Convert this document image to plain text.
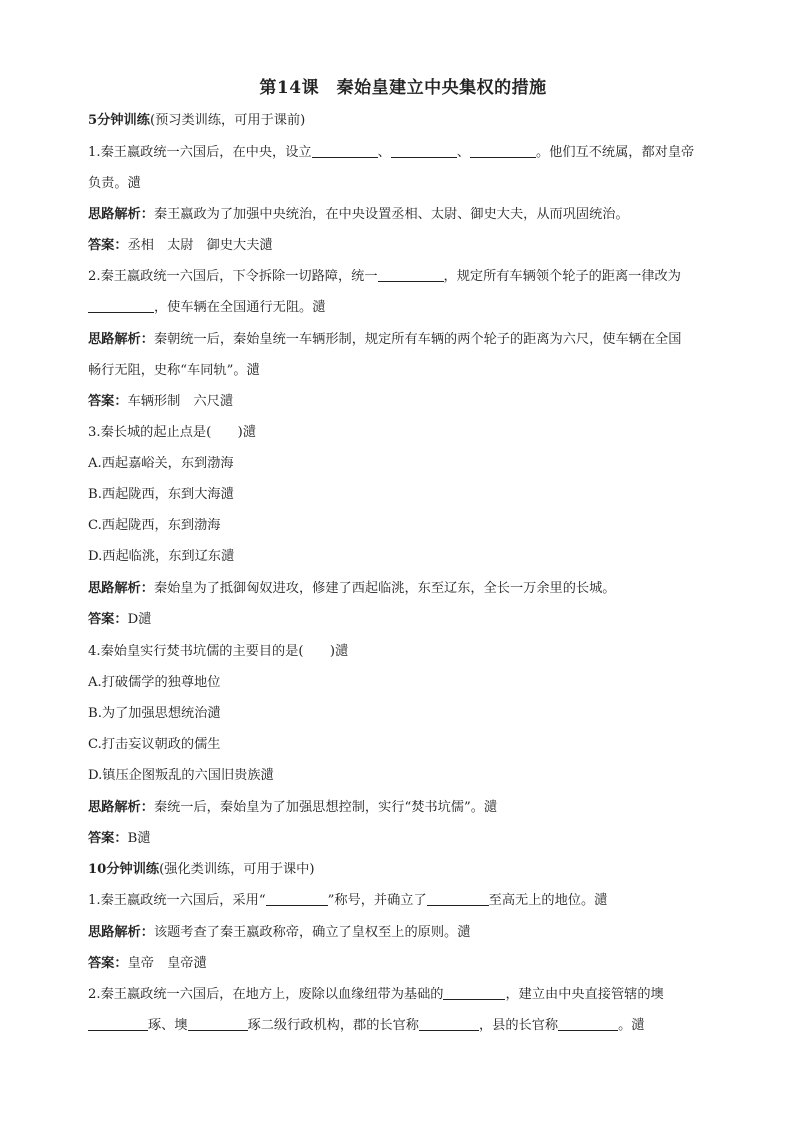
第14课　秦始皇建立中央集权的措施
5分钟训练(预习类训练，可用于课前)
1.秦王嬴政统一六国后，在中央，设立	、	、	。他们互不统属，都对皇帝
负责。瀢
思路解析：秦王嬴政为了加强中央统治，在中央设置丞相、太尉、御史大夫，从而巩固统治。
答案：丞相　太尉　御史大夫瀢
2.秦王嬴政统一六国后，下令拆除一切路障，统一	，规定所有车辆领个轮子的距离一律改为
，使车辆在全国通行无阻。瀢
思路解析：秦朝统一后，秦始皇统一车辆形制，规定所有车辆的两个轮子的距离为六尺，使车辆在全国
畅行无阻，史称“车同轨”。瀢
答案：车辆形制　六尺瀢
3.秦长城的起止点是(　　)瀢
A.西起嘉峪关，东到渤海
B.西起陇西，东到大海瀢
C.西起陇西，东到渤海
D.西起临洮，东到辽东瀢
思路解析：秦始皇为了抵御匈奴进攻，修建了西起临洮，东至辽东，全长一万余里的长城。
答案：D瀢
4.秦始皇实行焚书坑儒的主要目的是(　　)瀢
A.打破儒学的独尊地位
B.为了加强思想统治瀢
C.打击妄议朝政的儒生
D.镇压企图叛乱的六国旧贵族瀢
思路解析：秦统一后，秦始皇为了加强思想控制，实行“焚书坑儒”。瀢
答案：B瀢
10分钟训练(强化类训练，可用于课中)
1.秦王嬴政统一六国后，采用“	”称号，并确立了	至高无上的地位。瀢
思路解析：该题考查了秦王嬴政称帝，确立了皇权至上的原则。瀢
答案：皇帝　皇帝瀢
2.秦王嬴政统一六国后，在地方上，废除以血缘纽带为基础的	，建立由中央直接管辖的墺
琢、墺	琢二级行政机构，郡的长官称	，县的长官称	。瀢
